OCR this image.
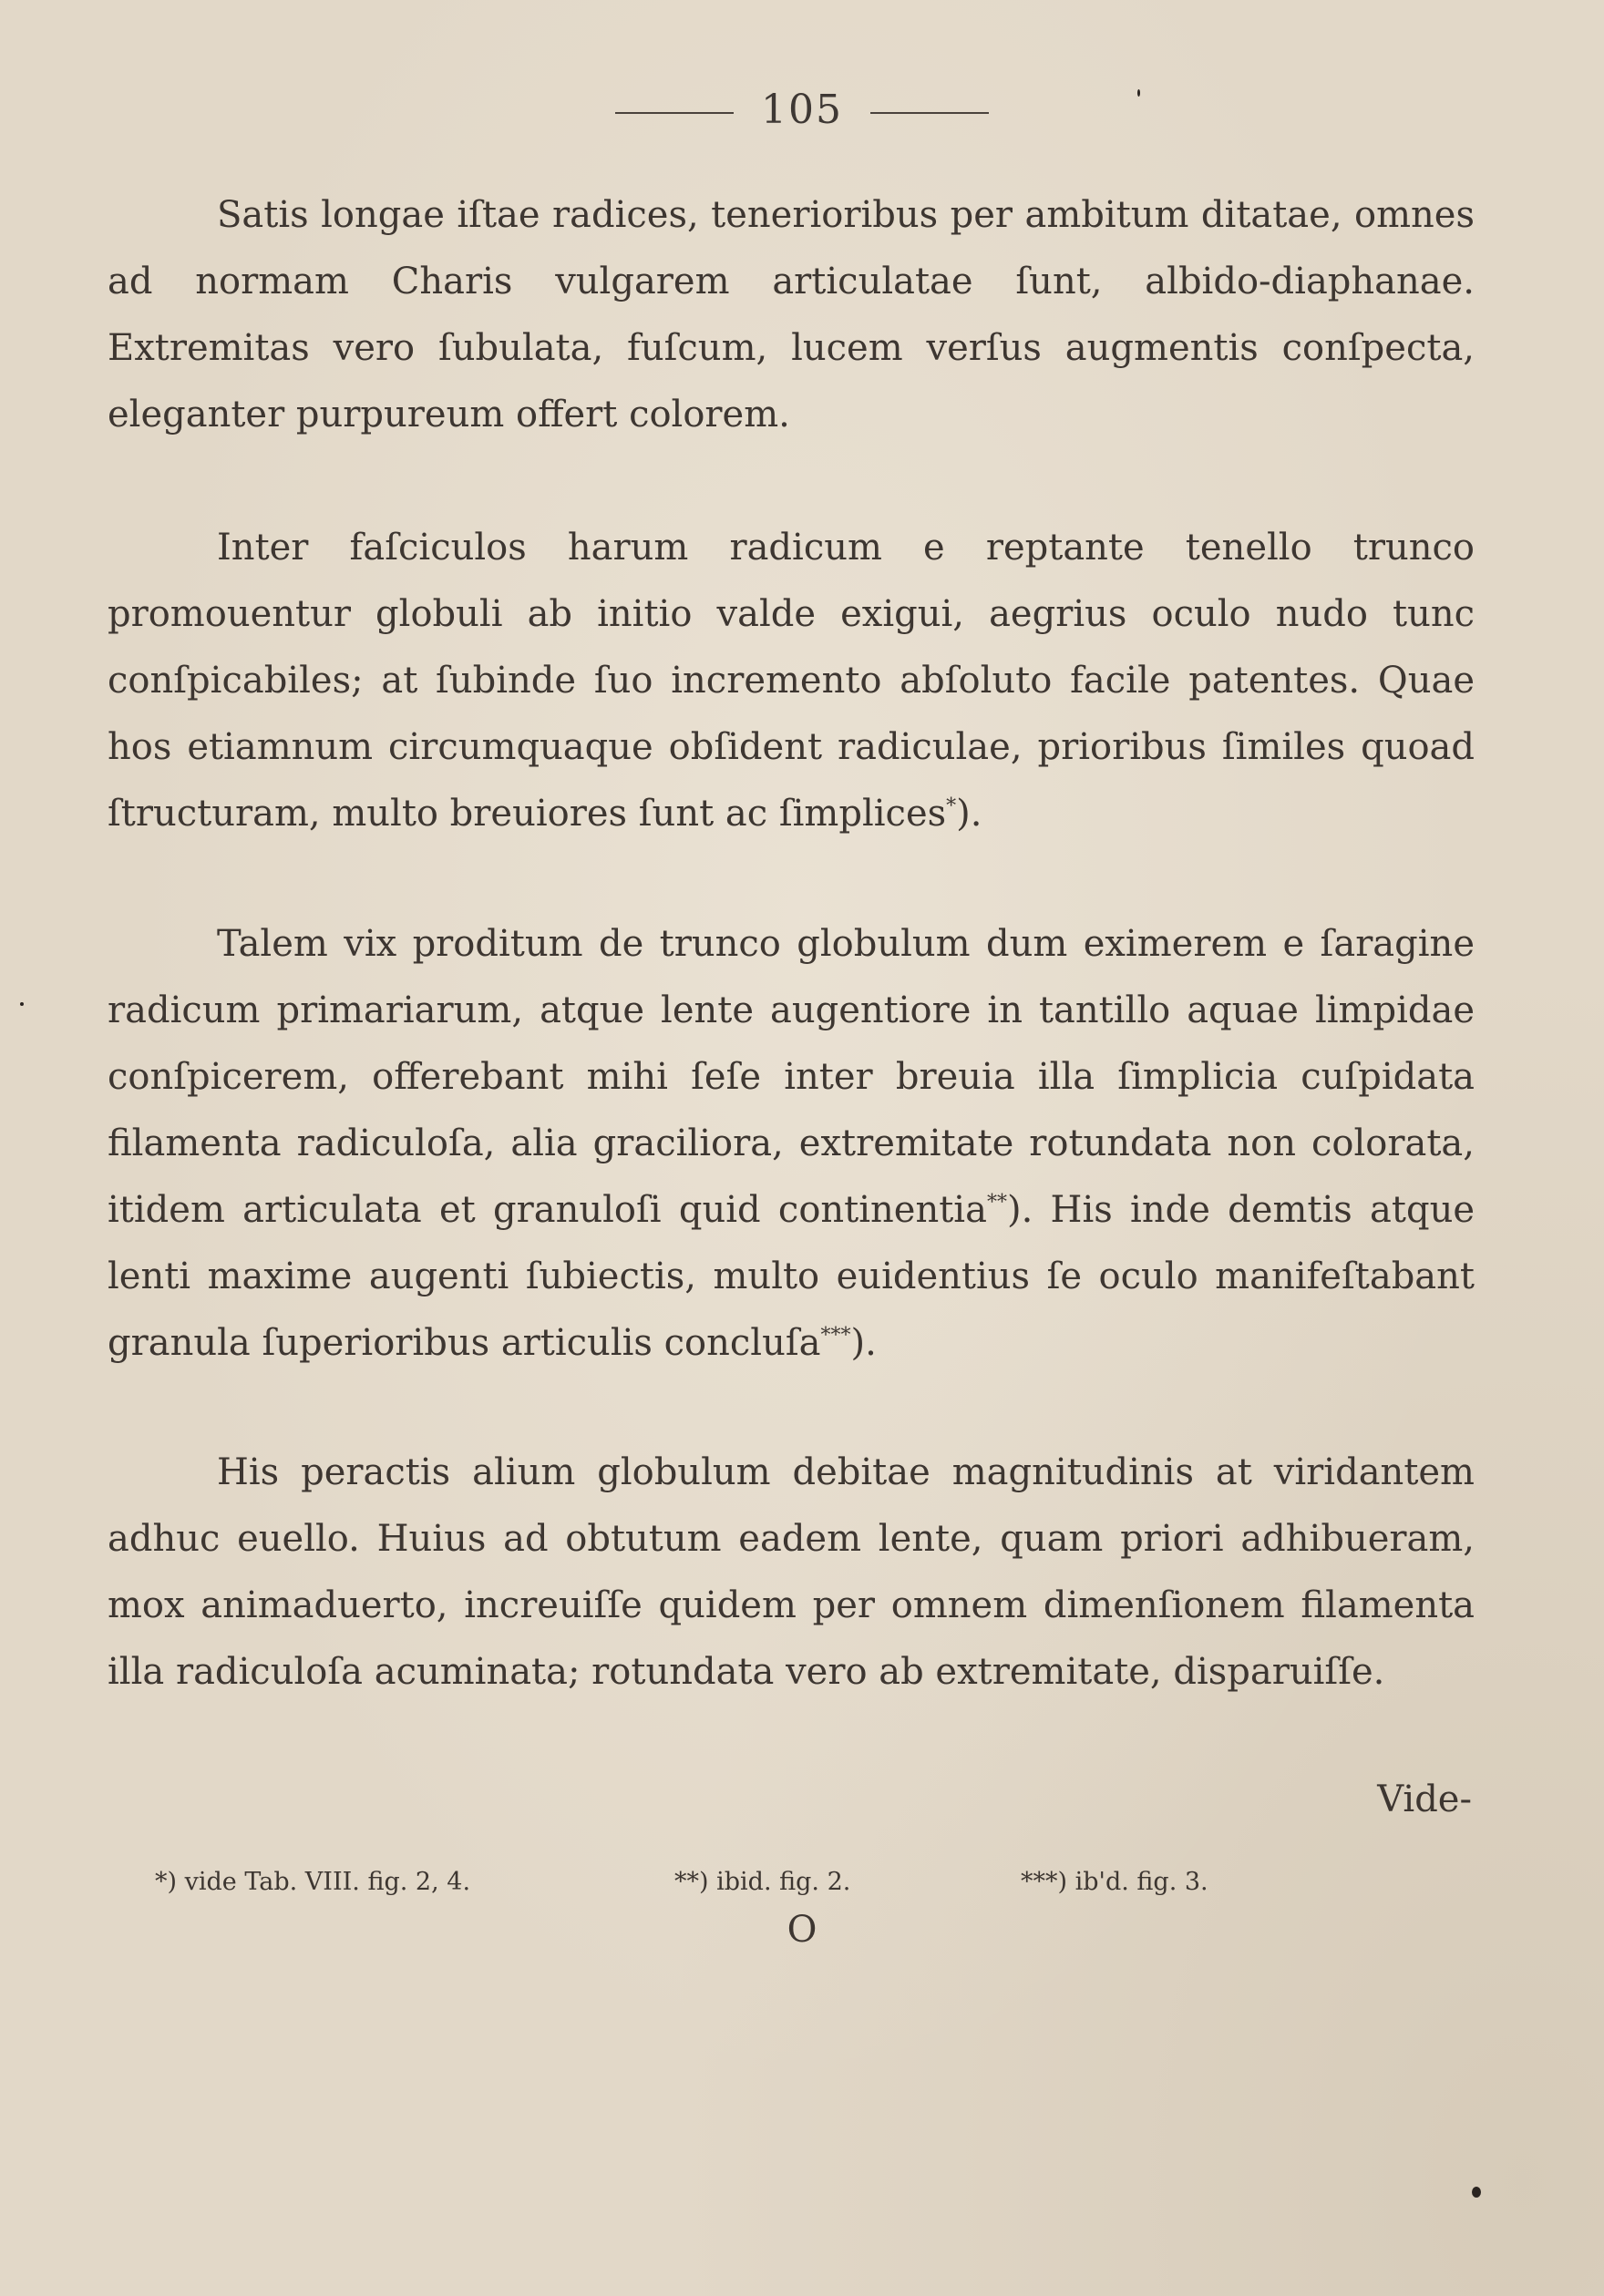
105

Satis longae iſtae radices, tenerioribus per ambitum ditatae, omnes ad normam Charis vulgarem articulatae ſunt, albido-diaphanae. Extremitas vero ſubulata, fuſcum, lucem verſus augmentis conſpecta, eleganter purpureum offert colorem.

Inter faſciculos harum radicum e reptante tenello trunco promouentur globuli ab initio valde exigui, aegrius oculo nudo tunc conſpicabiles; at ſubinde ſuo incremento abſoluto facile patentes. Quae hos etiamnum circumquaque obſident radiculae, prioribus ſimiles quoad ſtructuram, multo breuiores ſunt ac ſimplices*).

Talem vix proditum de trunco globulum dum eximerem e ſaragine radicum primariarum, atque lente augentiore in tantillo aquae limpidae conſpicerem, offerebant mihi ſeſe inter breuia illa ſimplicia cuſpidata filamenta radiculoſa, alia graciliora, extremitate rotundata non colorata, itidem articulata et granuloſi quid continentia**). His inde demtis atque lenti maxime augenti ſubiectis, multo euidentius ſe oculo manifeſtabant granula ſuperioribus articulis concluſa***).

His peractis alium globulum debitae magnitudinis at viridantem adhuc euello. Huius ad obtutum eadem lente, quam priori adhibueram, mox animaduerto, increuiſſe quidem per omnem dimenſionem filamenta illa radiculoſa acuminata; rotundata vero ab extremitate, disparuiſſe.

Vide-
*) vide Tab. VIII. fig. 2, 4.	**) ibid. fig. 2.	***) ib'd. fig. 3.
O
